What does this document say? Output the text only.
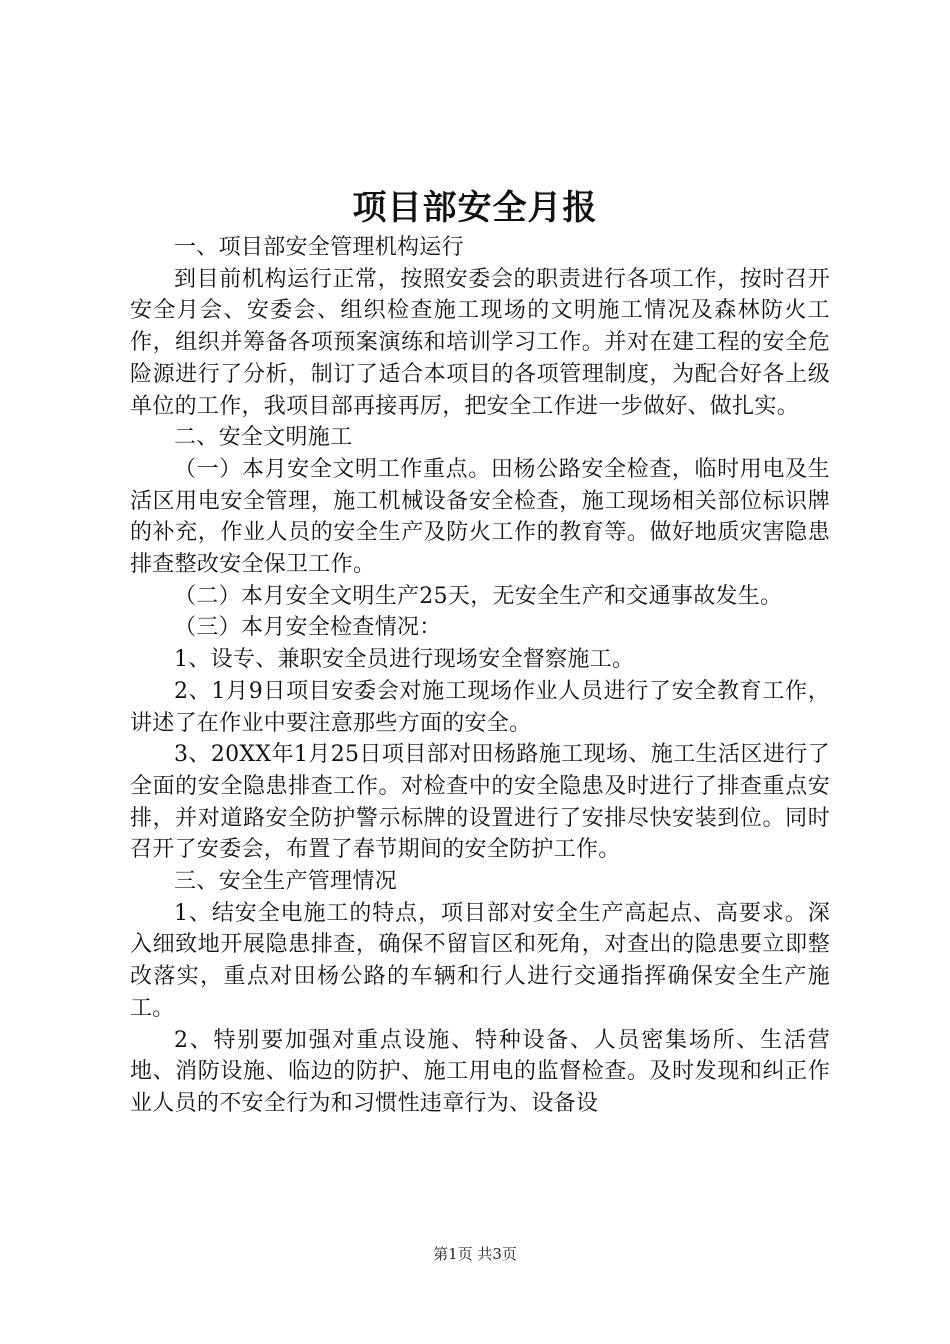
项目部安全月报

一、项目部安全管理机构运行

到目前机构运行正常，按照安委会的职责进行各项工作，按时召开安全月会、安委会、组织检查施工现场的文明施工情况及森林防火工作，组织并筹备各项预案演练和培训学习工作。并对在建工程的安全危险源进行了分析，制订了适合本项目的各项管理制度，为配合好各上级单位的工作，我项目部再接再厉，把安全工作进一步做好、做扎实。

二、安全文明施工

（一）本月安全文明工作重点。田杨公路安全检查，临时用电及生活区用电安全管理，施工机械设备安全检查，施工现场相关部位标识牌的补充，作业人员的安全生产及防火工作的教育等。做好地质灾害隐患排查整改安全保卫工作。

（二）本月安全文明生产25天，无安全生产和交通事故发生。

（三）本月安全检查情况：

1、设专、兼职安全员进行现场安全督察施工。

2、1月9日项目安委会对施工现场作业人员进行了安全教育工作，讲述了在作业中要注意那些方面的安全。

3、20XX年1月25日项目部对田杨路施工现场、施工生活区进行了全面的安全隐患排查工作。对检查中的安全隐患及时进行了排查重点安排，并对道路安全防护警示标牌的设置进行了安排尽快安装到位。同时召开了安委会，布置了春节期间的安全防护工作。

三、安全生产管理情况

1、结安全电施工的特点，项目部对安全生产高起点、高要求。深入细致地开展隐患排查，确保不留盲区和死角，对查出的隐患要立即整改落实，重点对田杨公路的车辆和行人进行交通指挥确保安全生产施工。

2、特别要加强对重点设施、特种设备、人员密集场所、生活营地、消防设施、临边的防护、施工用电的监督检查。及时发现和纠正作业人员的不安全行为和习惯性违章行为、设备设

第1页 共3页
